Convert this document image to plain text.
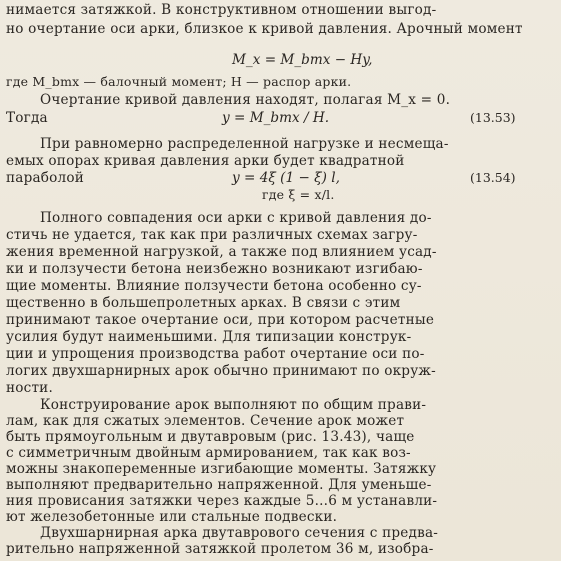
нимается затяжкой. В конструктивном отношении выгод-
но очертание оси арки, близкое к кривой давления. Арочный момент
M_x = M_bmx − Hy,
где M_bmx — балочный момент; H — распор арки.
Очертание кривой давления находят, полагая M_x = 0.
Тогда	y = M_bmx / H.	(13.53)
При равномерно распределенной нагрузке и несмеща-
емых опорах кривая давления арки будет квадратной
параболой	y = 4ξ (1 − ξ) l,	(13.54)
где ξ = x/l.
Полного совпадения оси арки с кривой давления до-
стичь не удается, так как при различных схемах загру-
жения временной нагрузкой, а также под влиянием усад-
ки и ползучести бетона неизбежно возникают изгибаю-
щие моменты. Влияние ползучести бетона особенно су-
щественно в большепролетных арках. В связи с этим
принимают такое очертание оси, при котором расчетные
усилия будут наименьшими. Для типизации конструк-
ции и упрощения производства работ очертание оси по-
логих двухшарнирных арок обычно принимают по окруж-
ности.
Конструирование арок выполняют по общим прави-
лам, как для сжатых элементов. Сечение арок может
быть прямоугольным и двутавровым (рис. 13.43), чаще
с симметричным двойным армированием, так как воз-
можны знакопеременные изгибающие моменты. Затяжку
выполняют предварительно напряженной. Для уменьше-
ния провисания затяжки через каждые 5...6 м устанавли-
ют железобетонные или стальные подвески.
Двухшарнирная арка двутаврового сечения с предва-
рительно напряженной затяжкой пролетом 36 м, изобра-
